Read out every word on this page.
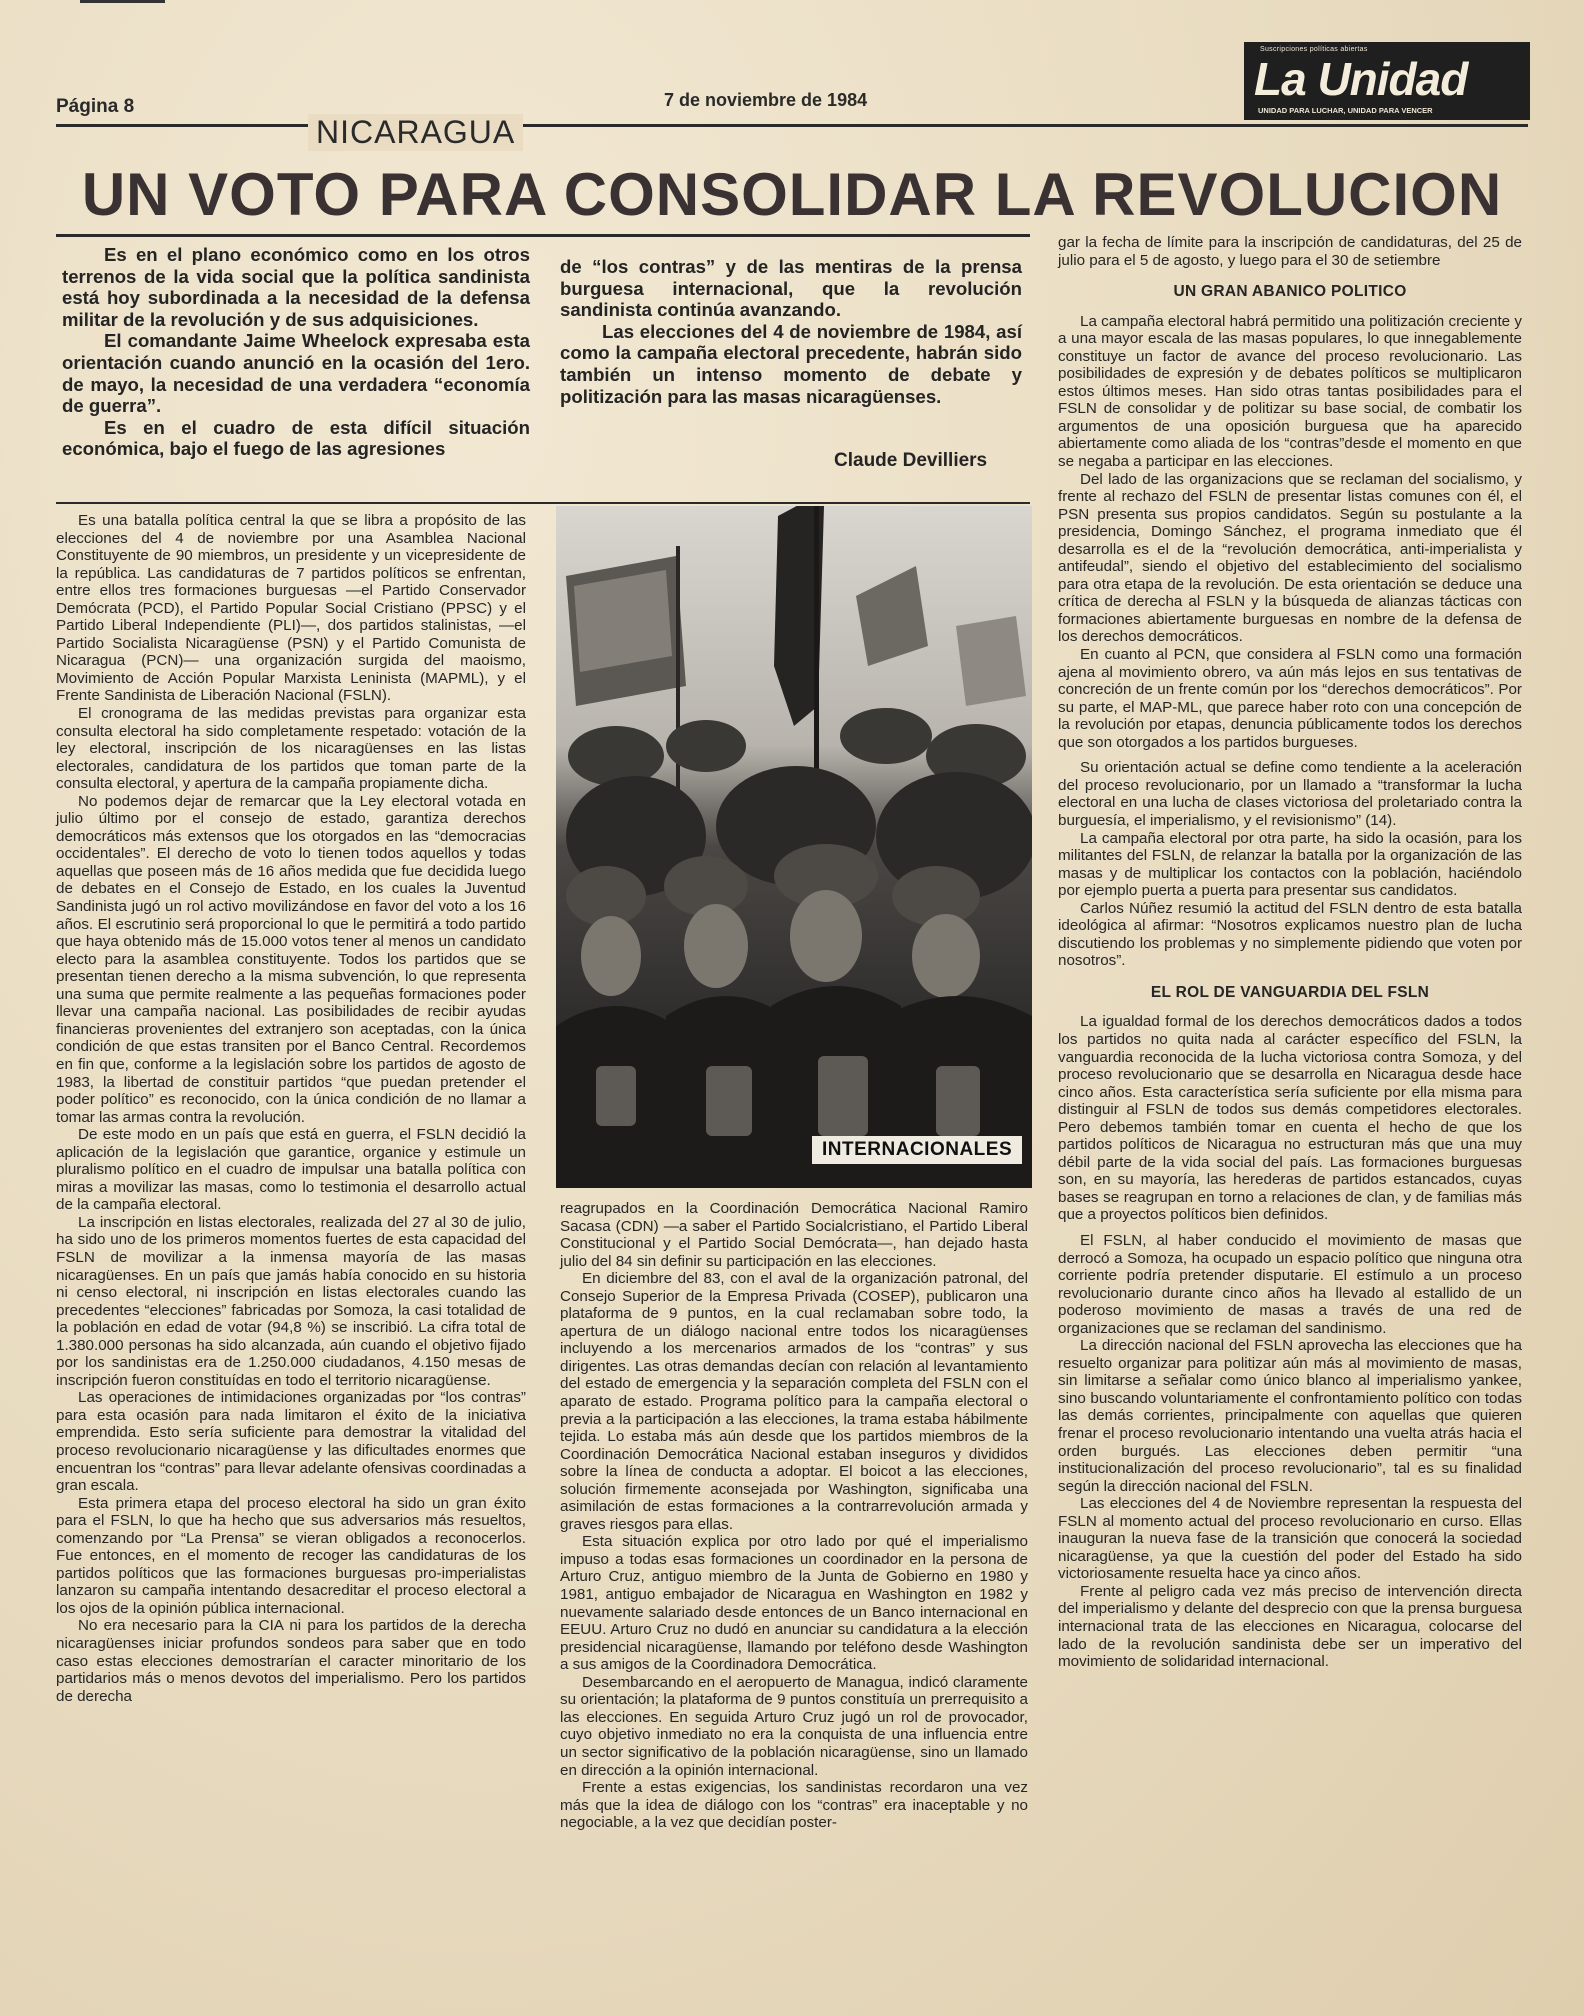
Página 8	7 de noviembre de 1984
Suscripciones políticas abiertas
La Unidad
UNIDAD PARA LUCHAR, UNIDAD PARA VENCER
NICARAGUA
UN VOTO PARA CONSOLIDAR LA REVOLUCION

Es en el plano económico como en los otros terrenos de la vida social que la política sandinista está hoy subordinada a la necesidad de la defensa militar de la revolución y de sus adquisiciones.

El comandante Jaime Wheelock expresaba esta orientación cuando anunció en la ocasión del 1ero. de mayo, la necesidad de una verdadera “economía de guerra”.

Es en el cuadro de esta difícil situación económica, bajo el fuego de las agresiones

de “los contras” y de las mentiras de la prensa burguesa internacional, que la revolución sandinista continúa avanzando.

Las elecciones del 4 de noviembre de 1984, así como la campaña electoral precedente, habrán sido también un intenso momento de debate y politización para las masas nicaragüenses.

Claude Devilliers
INTERNACIONALES

Es una batalla política central la que se libra a propósito de las elecciones del 4 de noviembre por una Asamblea Nacional Constituyente de 90 miembros, un presidente y un vicepresidente de la república. Las candidaturas de 7 partidos políticos se enfrentan, entre ellos tres formaciones burguesas —el Partido Conservador Demócrata (PCD), el Partido Popular Social Cristiano (PPSC) y el Partido Liberal Independiente (PLI)—, dos partidos stalinistas, —el Partido Socialista Nicaragüense (PSN) y el Partido Comunista de Nicaragua (PCN)— una organización surgida del maoismo, Movimiento de Acción Popular Marxista Leninista (MAPML), y el Frente Sandinista de Liberación Nacional (FSLN).

El cronograma de las medidas previstas para organizar esta consulta electoral ha sido completamente respetado: votación de la ley electoral, inscripción de los nicaragüenses en las listas electorales, candidatura de los partidos que toman parte de la consulta electoral, y apertura de la campaña propiamente dicha.

No podemos dejar de remarcar que la Ley electoral votada en julio último por el consejo de estado, garantiza derechos democráticos más extensos que los otorgados en las “democracias occidentales”. El derecho de voto lo tienen todos aquellos y todas aquellas que poseen más de 16 años medida que fue decidida luego de debates en el Consejo de Estado, en los cuales la Juventud Sandinista jugó un rol activo movilizándose en favor del voto a los 16 años. El escrutinio será proporcional lo que le permitirá a todo partido que haya obtenido más de 15.000 votos tener al menos un candidato electo para la asamblea constituyente. Todos los partidos que se presentan tienen derecho a la misma subvención, lo que representa una suma que permite realmente a las pequeñas formaciones poder llevar una campaña nacional. Las posibilidades de recibir ayudas financieras provenientes del extranjero son aceptadas, con la única condición de que estas transiten por el Banco Central. Recordemos en fin que, conforme a la legislación sobre los partidos de agosto de 1983, la libertad de constituir partidos “que puedan pretender el poder político” es reconocido, con la única condición de no llamar a tomar las armas contra la revolución.

De este modo en un país que está en guerra, el FSLN decidió la aplicación de la legislación que garantice, organice y estimule un pluralismo político en el cuadro de impulsar una batalla política con miras a movilizar las masas, como lo testimonia el desarrollo actual de la campaña electoral.

La inscripción en listas electorales, realizada del 27 al 30 de julio, ha sido uno de los primeros momentos fuertes de esta capacidad del FSLN de movilizar a la inmensa mayoría de las masas nicaragüenses. En un país que jamás había conocido en su historia ni censo electoral, ni inscripción en listas electorales cuando las precedentes “elecciones” fabricadas por Somoza, la casi totalidad de la población en edad de votar (94,8 %) se inscribió. La cifra total de 1.380.000 personas ha sido alcanzada, aún cuando el objetivo fijado por los sandinistas era de 1.250.000 ciudadanos, 4.150 mesas de inscripción fueron constituídas en todo el territorio nicaragüense.

Las operaciones de intimidaciones organizadas por “los contras” para esta ocasión para nada limitaron el éxito de la iniciativa emprendida. Esto sería suficiente para demostrar la vitalidad del proceso revolucionario nicaragüense y las dificultades enormes que encuentran los “contras” para llevar adelante ofensivas coordinadas a gran escala.

Esta primera etapa del proceso electoral ha sido un gran éxito para el FSLN, lo que ha hecho que sus adversarios más resueltos, comenzando por “La Prensa” se vieran obligados a reconocerlos. Fue entonces, en el momento de recoger las candidaturas de los partidos políticos que las formaciones burguesas pro-imperialistas lanzaron su campaña intentando desacreditar el proceso electoral a los ojos de la opinión pública internacional.

No era necesario para la CIA ni para los partidos de la derecha nicaragüenses iniciar profundos sondeos para saber que en todo caso estas elecciones demostrarían el caracter minoritario de los partidarios más o menos devotos del imperialismo. Pero los partidos de derecha

reagrupados en la Coordinación Democrática Nacional Ramiro Sacasa (CDN) —a saber el Partido Socialcristiano, el Partido Liberal Constitucional y el Partido Social Demócrata—, han dejado hasta julio del 84 sin definir su participación en las elecciones.

En diciembre del 83, con el aval de la organización patronal, del Consejo Superior de la Empresa Privada (COSEP), publicaron una plataforma de 9 puntos, en la cual reclamaban sobre todo, la apertura de un diálogo nacional entre todos los nicaragüenses incluyendo a los mercenarios armados de los “contras” y sus dirigentes. Las otras demandas decían con relación al levantamiento del estado de emergencia y la separación completa del FSLN con el aparato de estado. Programa político para la campaña electoral o previa a la participación a las elecciones, la trama estaba hábilmente tejida. Lo estaba más aún desde que los partidos miembros de la Coordinación Democrática Nacional estaban inseguros y divididos sobre la línea de conducta a adoptar. El boicot a las elecciones, solución firmemente aconsejada por Washington, significaba una asimilación de estas formaciones a la contrarrevolución armada y graves riesgos para ellas.

Esta situación explica por otro lado por qué el imperialismo impuso a todas esas formaciones un coordinador en la persona de Arturo Cruz, antiguo miembro de la Junta de Gobierno en 1980 y 1981, antiguo embajador de Nicaragua en Washington en 1982 y nuevamente salariado desde entonces de un Banco internacional en EEUU. Arturo Cruz no dudó en anunciar su candidatura a la elección presidencial nicaragüense, llamando por teléfono desde Washington a sus amigos de la Coordinadora Democrática.

Desembarcando en el aeropuerto de Managua, indicó claramente su orientación; la plataforma de 9 puntos constituía un prerrequisito a las elecciones. En seguida Arturo Cruz jugó un rol de provocador, cuyo objetivo inmediato no era la conquista de una influencia entre un sector significativo de la población nicaragüense, sino un llamado en dirección a la opinión internacional.

Frente a estas exigencias, los sandinistas recordaron una vez más que la idea de diálogo con los “contras” era inaceptable y no negociable, a la vez que decidían poster-

gar la fecha de límite para la inscripción de candidaturas, del 25 de julio para el 5 de agosto, y luego para el 30 de setiembre

UN GRAN ABANICO POLITICO

La campaña electoral habrá permitido una politización creciente y a una mayor escala de las masas populares, lo que innegablemente constituye un factor de avance del proceso revolucionario. Las posibilidades de expresión y de debates políticos se multiplicaron estos últimos meses. Han sido otras tantas posibilidades para el FSLN de consolidar y de politizar su base social, de combatir los argumentos de una oposición burguesa que ha aparecido abiertamente como aliada de los “contras”desde el momento en que se negaba a participar en las elecciones.

Del lado de las organizacions que se reclaman del socialismo, y frente al rechazo del FSLN de presentar listas comunes con él, el PSN presenta sus propios candidatos. Según su postulante a la presidencia, Domingo Sánchez, el programa inmediato que él desarrolla es el de la “revolución democrática, anti-imperialista y antifeudal”, siendo el objetivo del establecimiento del socialismo para otra etapa de la revolución. De esta orientación se deduce una crítica de derecha al FSLN y la búsqueda de alianzas tácticas con formaciones abiertamente burguesas en nombre de la defensa de los derechos democráticos.

En cuanto al PCN, que considera al FSLN como una formación ajena al movimiento obrero, va aún más lejos en sus tentativas de concreción de un frente común por los “derechos democráticos”. Por su parte, el MAP-ML, que parece haber roto con una concepción de la revolución por etapas, denuncia públicamente todos los derechos que son otorgados a los partidos burgueses.

Su orientación actual se define como tendiente a la aceleración del proceso revolucionario, por un llamado a “transformar la lucha electoral en una lucha de clases victoriosa del proletariado contra la burguesía, el imperialismo, y el revisionismo” (14).

La campaña electoral por otra parte, ha sido la ocasión, para los militantes del FSLN, de relanzar la batalla por la organización de las masas y de multiplicar los contactos con la población, haciéndolo por ejemplo puerta a puerta para presentar sus candidatos.

Carlos Núñez resumió la actitud del FSLN dentro de esta batalla ideológica al afirmar: “Nosotros explicamos nuestro plan de lucha discutiendo los problemas y no simplemente pidiendo que voten por nosotros”.

EL ROL DE VANGUARDIA DEL FSLN

La igualdad formal de los derechos democráticos dados a todos los partidos no quita nada al carácter específico del FSLN, la vanguardia reconocida de la lucha victoriosa contra Somoza, y del proceso revolucionario que se desarrolla en Nicaragua desde hace cinco años. Esta característica sería suficiente por ella misma para distinguir al FSLN de todos sus demás competidores electorales. Pero debemos también tomar en cuenta el hecho de que los partidos políticos de Nicaragua no estructuran más que una muy débil parte de la vida social del país. Las formaciones burguesas son, en su mayoría, las herederas de partidos estancados, cuyas bases se reagrupan en torno a relaciones de clan, y de familias más que a proyectos políticos bien definidos.

El FSLN, al haber conducido el movimiento de masas que derrocó a Somoza, ha ocupado un espacio político que ninguna otra corriente podría pretender disputarie. El estímulo a un proceso revolucionario durante cinco años ha llevado al estallido de un poderoso movimiento de masas a través de una red de organizaciones que se reclaman del sandinismo.

La dirección nacional del FSLN aprovecha las elecciones que ha resuelto organizar para politizar aún más al movimiento de masas, sin limitarse a señalar como único blanco al imperialismo yankee, sino buscando voluntariamente el confrontamiento político con todas las demás corrientes, principalmente con aquellas que quieren frenar el proceso revolucionario intentando una vuelta atrás hacia el orden burgués. Las elecciones deben permitir “una institucionalización del proceso revolucionario”, tal es su finalidad según la dirección nacional del FSLN.

Las elecciones del 4 de Noviembre representan la respuesta del FSLN al momento actual del proceso revolucionario en curso. Ellas inauguran la nueva fase de la transición que conocerá la sociedad nicaragüense, ya que la cuestión del poder del Estado ha sido victoriosamente resuelta hace ya cinco años.

Frente al peligro cada vez más preciso de intervención directa del imperialismo y delante del desprecio con que la prensa burguesa internacional trata de las elecciones en Nicaragua, colocarse del lado de la revolución sandinista debe ser un imperativo del movimiento de solidaridad internacional.
